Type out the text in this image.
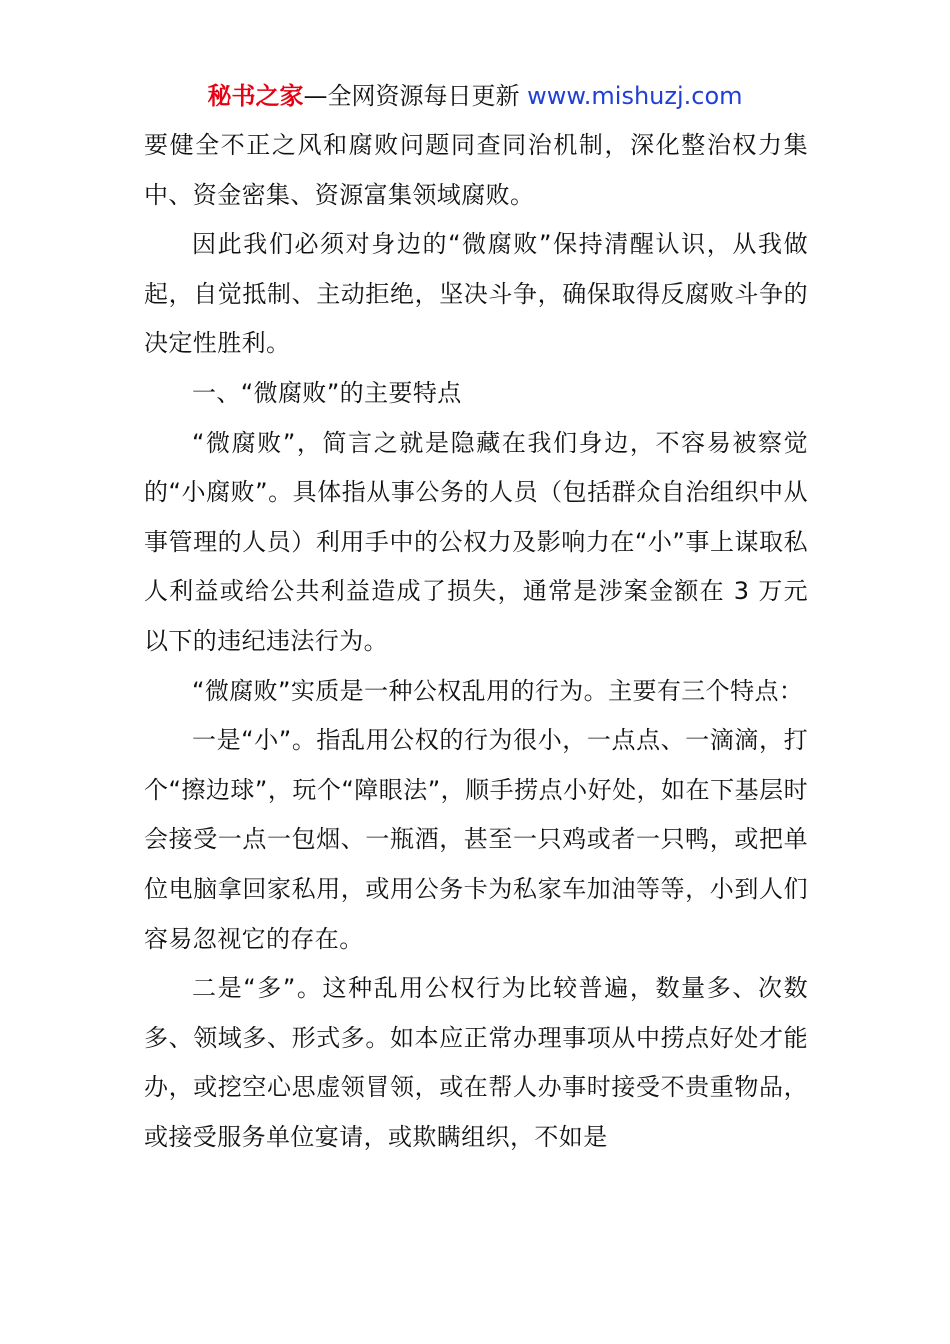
秘书之家—全网资源每日更新 www.mishuzj.com

要健全不正之风和腐败问题同查同治机制，深化整治权力集中、资金密集、资源富集领域腐败。

因此我们必须对身边的“微腐败”保持清醒认识，从我做起，自觉抵制、主动拒绝，坚决斗争，确保取得反腐败斗争的决定性胜利。

一、“微腐败”的主要特点

“微腐败”，简言之就是隐藏在我们身边，不容易被察觉的“小腐败”。具体指从事公务的人员（包括群众自治组织中从事管理的人员）利用手中的公权力及影响力在“小”事上谋取私人利益或给公共利益造成了损失，通常是涉案金额在 3 万元以下的违纪违法行为。

“微腐败”实质是一种公权乱用的行为。主要有三个特点：

一是“小”。指乱用公权的行为很小，一点点、一滴滴，打个“擦边球”，玩个“障眼法”，顺手捞点小好处，如在下基层时会接受一点一包烟、一瓶酒，甚至一只鸡或者一只鸭，或把单位电脑拿回家私用，或用公务卡为私家车加油等等，小到人们容易忽视它的存在。

二是“多”。这种乱用公权行为比较普遍，数量多、次数多、领域多、形式多。如本应正常办理事项从中捞点好处才能办，或挖空心思虚领冒领，或在帮人办事时接受不贵重物品，或接受服务单位宴请，或欺瞒组织，不如是
